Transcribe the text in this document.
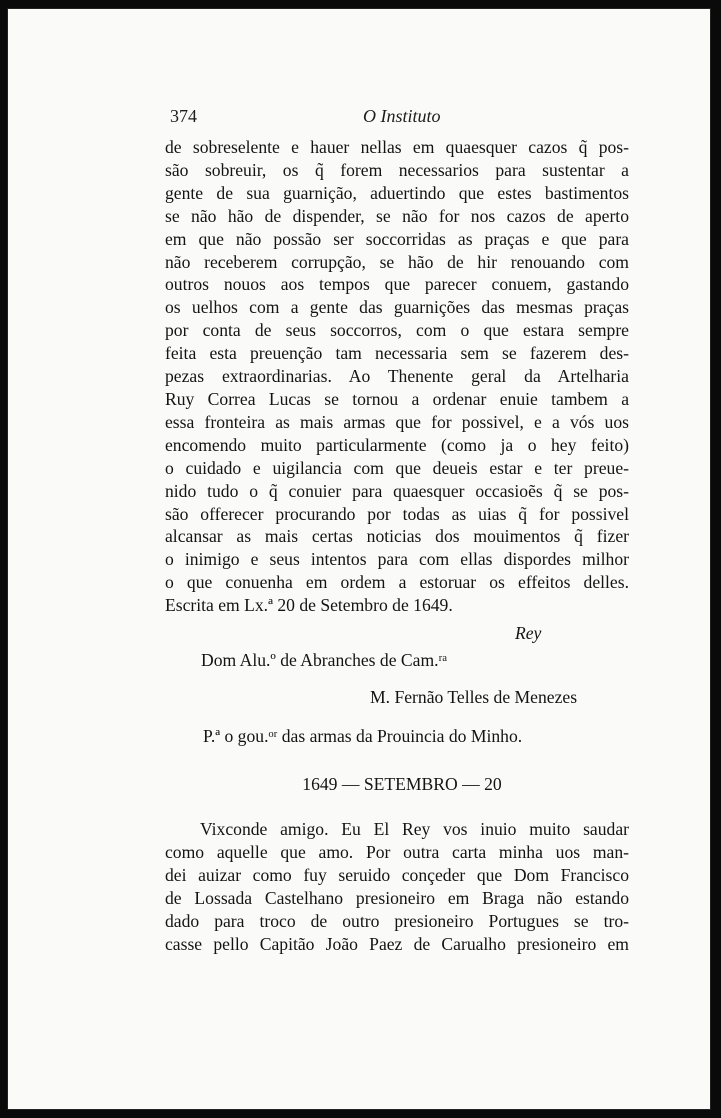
374	O Instituto
de sobreselente e hauer nellas em quaesquer cazos q̃ pos-
são sobreuir, os q̃ forem necessarios para sustentar a
gente de sua guarnição, aduertindo que estes bastimentos
se não hão de dispender, se não for nos cazos de aperto
em que não possão ser soccorridas as praças e que para
não receberem corrupção, se hão de hir renouando com
outros nouos aos tempos que parecer conuem, gastando
os uelhos com a gente das guarnições das mesmas praças
por conta de seus soccorros, com o que estara sempre
feita esta preuenção tam necessaria sem se fazerem des-
pezas extraordinarias. Ao Thenente geral da Artelharia
Ruy Correa Lucas se tornou a ordenar enuie tambem a
essa fronteira as mais armas que for possivel, e a vós uos
encomendo muito particularmente (como ja o hey feito)
o cuidado e uigilancia com que deueis estar e ter preue-
nido tudo o q̃ conuier para quaesquer occasioẽs q̃ se pos-
são offerecer procurando por todas as uias q̃ for possivel
alcansar as mais certas noticias dos mouimentos q̃ fizer
o inimigo e seus intentos para com ellas dispordes milhor
o que conuenha em ordem a estoruar os effeitos delles.
Escrita em Lx.ª 20 de Setembro de 1649.
Rey
Dom Alu.º de Abranches de Cam.ʳᵃ
M. Fernão Telles de Menezes
P.ª o gou.ᵒʳ das armas da Prouincia do Minho.
1649 — SETEMBRO — 20
Vixconde amigo. Eu El Rey vos inuio muito saudar
como aquelle que amo. Por outra carta minha uos man-
dei auizar como fuy seruido conçeder que Dom Francisco
de Lossada Castelhano presioneiro em Braga não estando
dado para troco de outro presioneiro Portugues se tro-
casse pello Capitão João Paez de Carualho presioneiro em
